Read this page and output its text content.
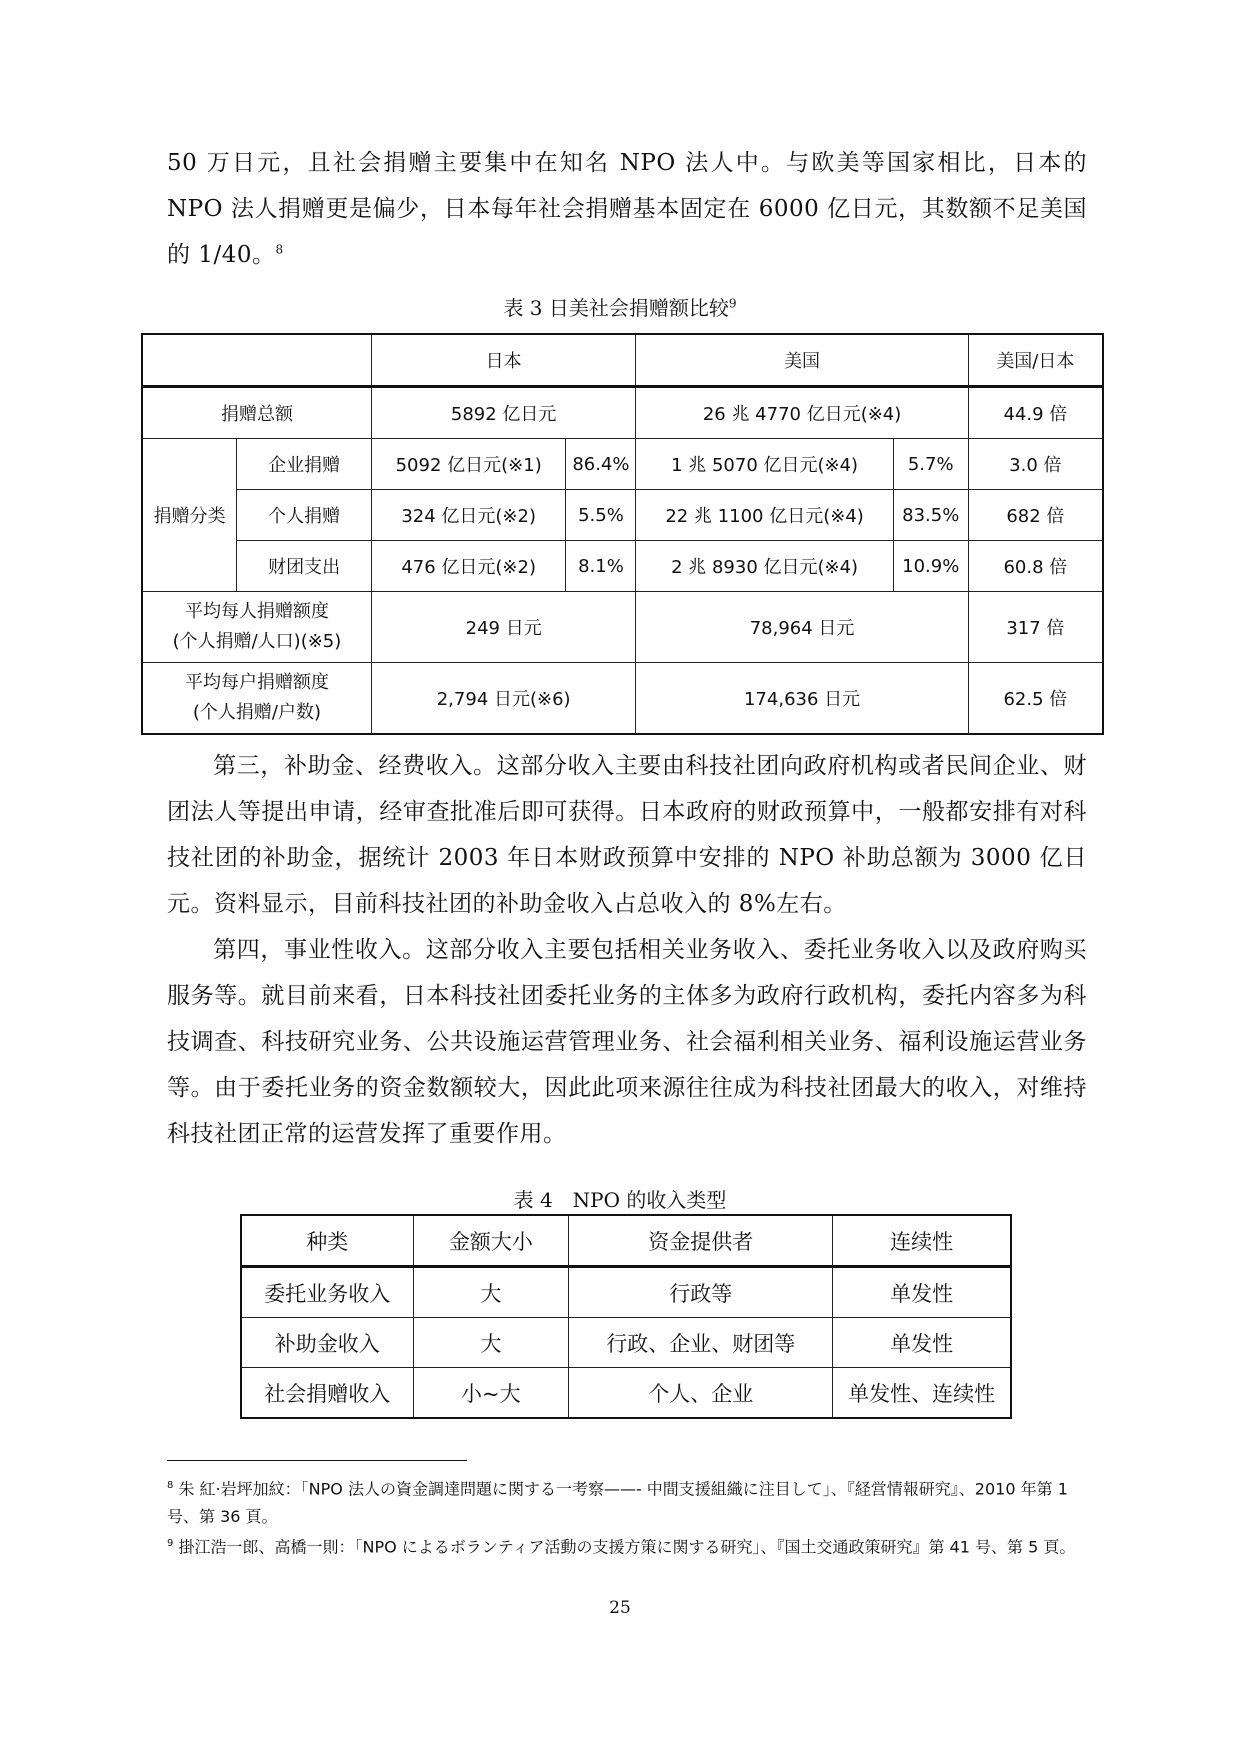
50 万日元，且社会捐赠主要集中在知名 NPO 法人中。与欧美等国家相比，日本的 NPO 法人捐赠更是偏少，日本每年社会捐赠基本固定在 6000 亿日元，其数额不足美国的 1/40。$^8$
表 3 日美社会捐赠额比较$^9$
		日本		美国		美国/日本
捐赠总额		5892 亿日元		26 兆 4770 亿日元(※4)		44.9 倍
捐赠分类	企业捐赠	5092 亿日元(※1)	86.4%	1 兆 5070 亿日元(※4)	5.7%	3.0 倍
	个人捐赠	324 亿日元(※2)	5.5%	22 兆 1100 亿日元(※4)	83.5%	682 倍
	财团支出	476 亿日元(※2)	8.1%	2 兆 8930 亿日元(※4)	10.9%	60.8 倍

平均每人捐赠额度
(个人捐赠/人口)(※5)		249 日元		78,964 日元		317 倍

平均每户捐赠额度
(个人捐赠/户数)		2,794 日元(※6)		174,636 日元		62.5 倍
第三，补助金、经费收入。这部分收入主要由科技社团向政府机构或者民间企业、财团法人等提出申请，经审查批准后即可获得。日本政府的财政预算中，一般都安排有对科技社团的补助金，据统计 2003 年日本财政预算中安排的 NPO 补助总额为 3000 亿日元。资料显示，目前科技社团的补助金收入占总收入的 8%左右。
第四，事业性收入。这部分收入主要包括相关业务收入、委托业务收入以及政府购买服务等。就目前来看，日本科技社团委托业务的主体多为政府行政机构，委托内容多为科技调查、科技研究业务、公共设施运营管理业务、社会福利相关业务、福利设施运营业务等。由于委托业务的资金数额较大，因此此项来源往往成为科技社团最大的收入，对维持科技社团正常的运营发挥了重要作用。
表 4　NPO 的收入类型
种类	金额大小	资金提供者	连续性
委托业务收入	大	行政等	单发性
补助金收入	大	行政、企业、财团等	单发性
社会捐赠收入	小~大	个人、企业	单发性、连续性
$^8$ 朱 紅·岩坪加紋：「NPO 法人の資金調達問題に関する一考察——- 中間支援組織に注目して」、『経営情報研究』、2010 年第 1 号、第 36 頁。
$^9$ 掛江浩一郎、高橋一則：「NPO によるボランティア活動の支援方策に関する研究」、『国土交通政策研究』第 41 号、第 5 頁。
25
